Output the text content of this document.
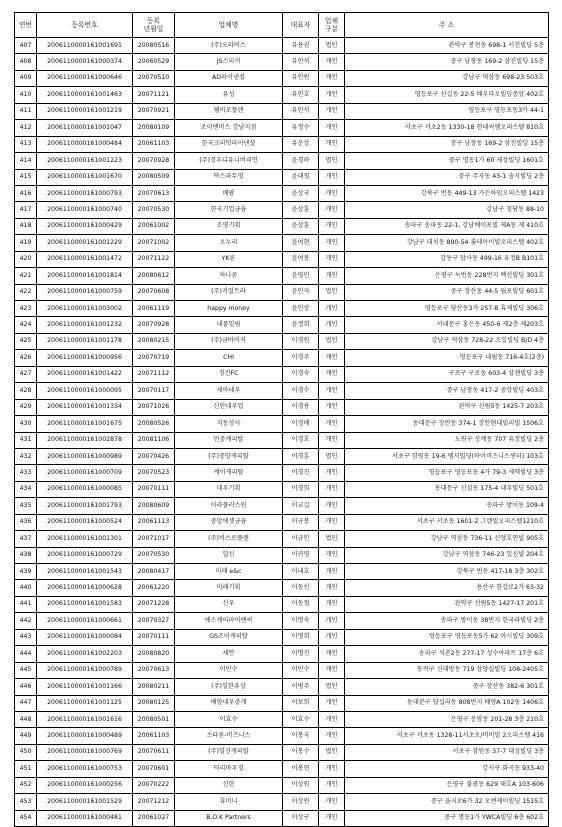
연번	등록번호	등록
년월일	업체명	대표자	업체
구분	주 소
407	2006110000161001691	20080516	(주)오라비스	유용권	법인	관악구 봉천동 698-1 서진빌딩 5층
408	2006110000161000374	20060529	JS스피커	유인석	개인	중구 남창동 169-2 삼진빌딩 15층
409	2006110000161000646	20070510	AD파이낸셜	유인원	개인	강남구 역삼동 698-23 503호
410	2006110000161001463	20071121	유성	유인호	개인	영등포구 신길동 22-5 배우다오빌딩중앙 402호
411	2006110000161001219	20070921	웰비로플랜	유인석	개인	영등포구 영등포동3가 44-1
412	2006110000161001047	20080109	조이앤비스 강남지점	유정수	개인	서초구 서초2동 1330-18 현대씨엠오피스텔 810호
413	2006110000161000484	20061103	한국크리덧파이낸셜	유운상	개인	중구 남창동 169-2 삼진빌딩 15층
414	2006110000161001223	20070928	(주)정우디유니버리언	윤경하	법인	중구 명동1가 60 세장빌딩 1601호
415	2006110000161001670	20080509	닥스파무영	윤대철	개인	중구 주자동 43-1 솔지빌딩 2층
416	2006110000161000793	20070613	베팜	윤상국	개인	강북구 번동 449-13 가든하임오피스텔 1423
417	2006110000161000740	20070530	한국기업금융	윤상훈	개인	강남구 청담동 88-10
418	2006110000161000429	20061002	조영기획	윤상훈	개인	송파구 송파동 22-1, 강남베이포빌 제A동 제 410호
419	2006110000161001229	20071002	오누리	윤여현	개인	강남구 대치동 890-54 롯데아이빌오피스텔 402호
420	2006110000161001472	20071122	YK론	윤여봉	개인	강동구 암사동 499-16 유정B B101호
421	2006110000161001814	20080612	하나론	윤영민	개인	은평구 녹번동 228번지 백선빌딩 301호
422	2006110000161000759	20070608	(주)키얼트라	윤인자	법인	중구 장산동 44-5 월포빌딩 601호
423	2006110000161003002	20061119	happy money	윤인상	개인	영등포구 당산동3가 257-8 휴제빌딩 306호
424	2006110000161001232	20070928	내물밑림	윤정희	개인	서대문구 홍은동 450-6 제2층 제203호
425	2006110000161001178	20080215	(주)금바비저	이경원	법인	강남구 역삼동 728-22 조일빌딩 B/D 4층
426	2006110000161000956	20070719	CHI	이경주	개인	영등포구 내림동 716-4호(2층)
427	2006110000161001422	20071112	징진FC	이경숙	개인	구로구 구로동 603-4 삼젠빌딩 3층
428	2006110000161000095	20070117	세아네우	이경수	개인	중구 남창동 417-2 중앙빌딩 403호
429	2006110000161001334	20071026	신안네우업	이경용	개인	관악구 신림5동 1425-7 203호
430	2006110000161001675	20080526	지동상사	이경배	개인	동대문구 장안동 374-1 장안현대빌리빌 1506호
431	2006110000161002878	20081106	민중캐피탈	이경호	개인	노원구 상계동 707 유정빌딩 2층
432	2006110000161000989	20070426	(주)중앙캐피탈	이경훈	법인	서초구 잠원동 19-6 엠서빌딩(하이비즈니스센터) 103호
433	2006110000161000709	20070523	케이캐피탈	이경진	개인	영등포구 영등포동 4가 79-3 세렉빌딩 3층
434	2006110000161000085	20070111	네우기획	이경희	개인	동대문구 신설동 175-4 내우빌딩 501호
435	2006110000161001793	20080609	이라플러스원	이교길	개인	송파구 방이동 109-4
436	2006110000161000524	20061113	중앙에셋금융	이규봉	개인	서초구 서초동 1601-2 그랜빌오피스텔1210호
437	2006110000161001301	20071017	(주)비스로플랜	이규인	법인	강남구 역삼동 736-11 신양호연빌 905호
438	2006110000161000729	20070530	일신	이귀영	개인	강남구 역삼동 746-23 일신빌 204호
439	2006110000161001543	20080417	미래 e&c	이내호	개인	강북구 번동 417-18 3층 302호
440	2006110000161000628	20061220	미래기획	이동신	개인	용산구 한강로2가 63-32
441	2006110000161001583	20071228	신우	이동철	개인	관악구 신림5동 1427-17 201호
442	2006110000161000661	20070327	에스케이파이앤씨	이명숙	개인	송파구 방이동 38번지 한국라빌딩 2층
443	2006110000161000084	20070111	GS조이캐피탈	이명희	개인	영등포구 영등포동5가 62 아시빌딩 309호
444	2006110000161002203	20080820	세안	이명진	개인	송파구 석촌2동 277-17 성수아파트 17층 6호
445	2006110000161000789	20070613	이민수	이민수	개인	동작구 신대방동 719 삼양실빌딩 108-2405호
446	2006110000161001166	20080211	(주)일한유상	이병주	법인	중구 장산동 382-6 301호
447	2006110000161001125	20080125	배양네우중개	이보희	개인	동대문구 답십리동 808번지 배양A 102동 1406호
448	2006110000161001616	20080501	이효수	이효수	개인	은평구 응암동 201-28 3층 210호
449	2006110000161000489	20061103	스타론-비즈니스	이봉국	개인	서초구 서초동 1328-11서초오/비비빌 2오피스텔 416
450	2006110000161000769	20070611	(주)일신캐피탈	이봉수	법인	서초구 잠원동 37-7 대성빌딩 3층
451	2006110000161000753	20070601	덕리바우징	이봉현	개인	강서구 화곡동 933-40
452	2006110000161000256	20070222	신한	이상원	개인	은평구 불광동 629 태호A 103-606
453	2006110000161001529	20071212	휴머니	이상원	개인	중구 을지로6가 32 오엔케이빌딩 1515호
454	2006110000161000481	20061027	B.O.K Partners	이상구	개인	중구 명동1가 YWCA빌딩 6층 602호
